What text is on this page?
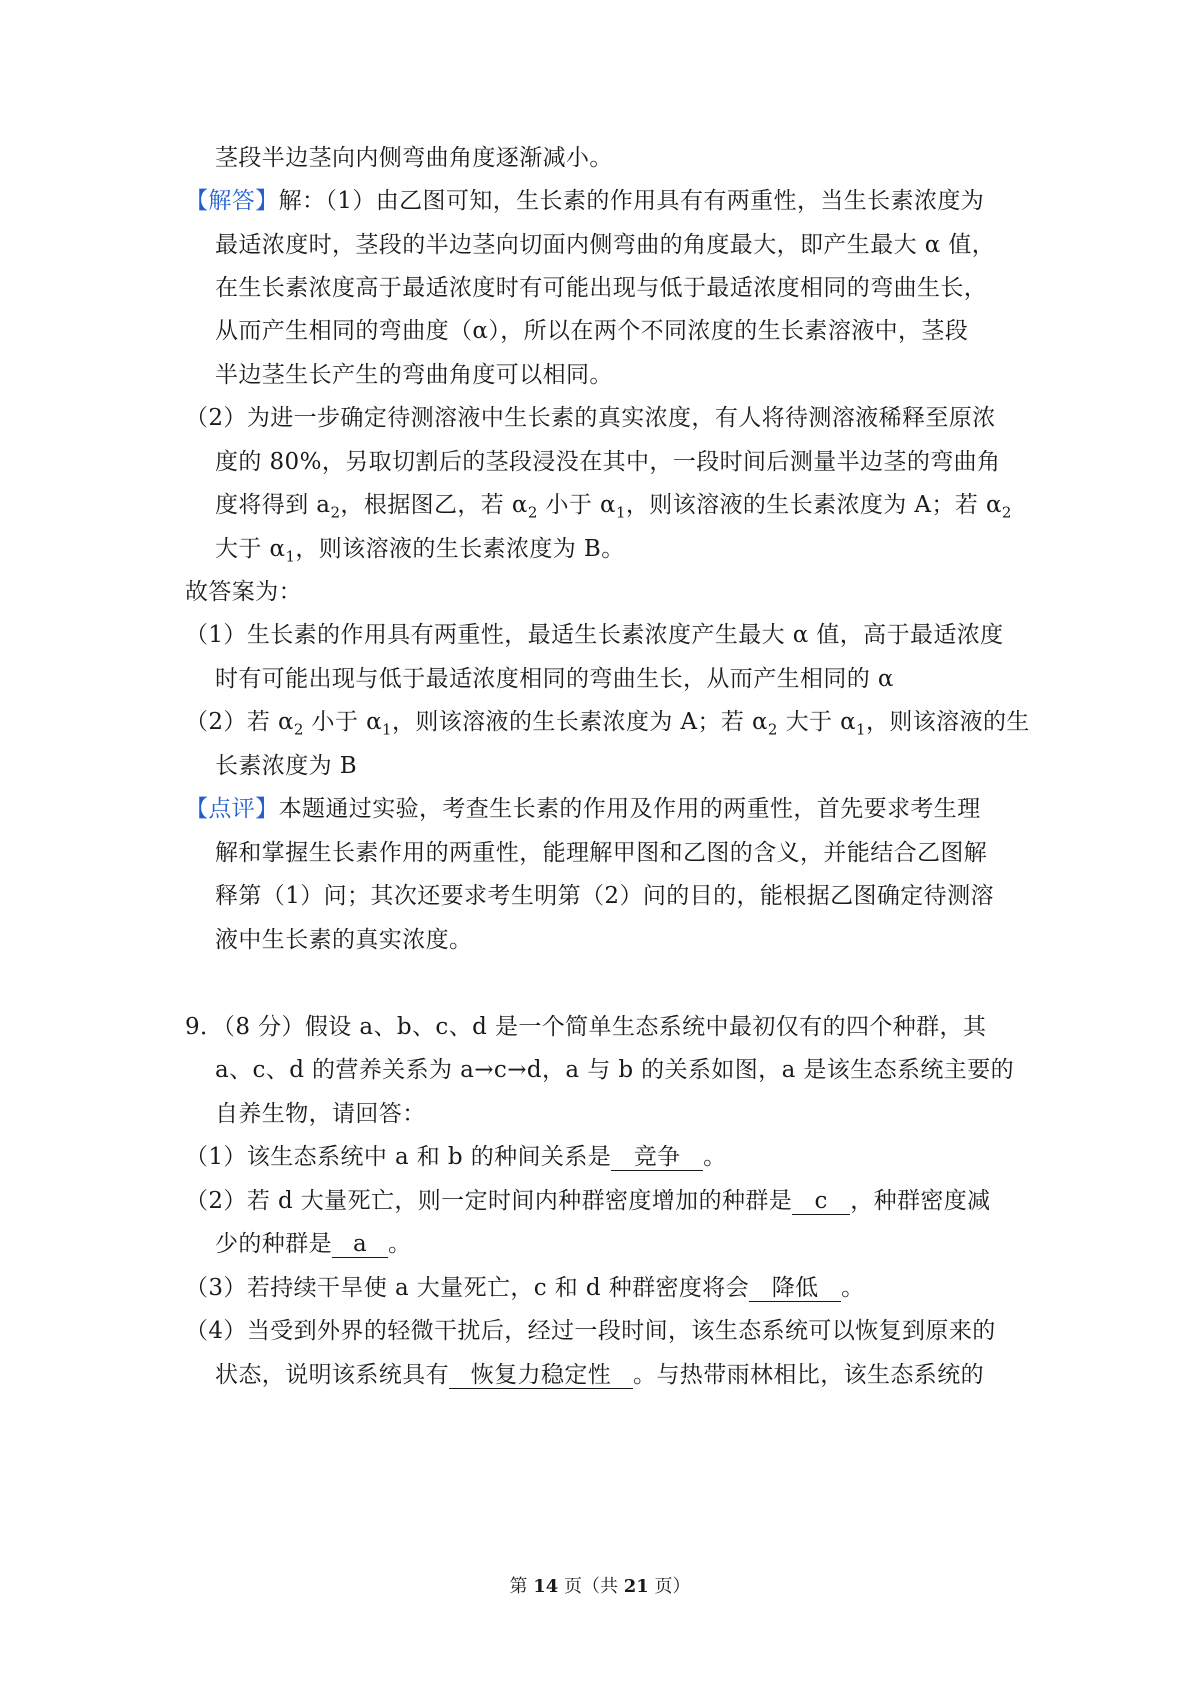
茎段半边茎向内侧弯曲角度逐渐减小。
【解答】解：（1）由乙图可知，生长素的作用具有有两重性，当生长素浓度为
最适浓度时，茎段的半边茎向切面内侧弯曲的角度最大，即产生最大 α 值，
在生长素浓度高于最适浓度时有可能出现与低于最适浓度相同的弯曲生长，
从而产生相同的弯曲度（α），所以在两个不同浓度的生长素溶液中，茎段
半边茎生长产生的弯曲角度可以相同。
（2）为进一步确定待测溶液中生长素的真实浓度，有人将待测溶液稀释至原浓
度的 80%，另取切割后的茎段浸没在其中，一段时间后测量半边茎的弯曲角
度将得到 $a_2$，根据图乙，若 $\alpha_2$ 小于 $\alpha_1$，则该溶液的生长素浓度为 A；若 $\alpha_2$
大于 $\alpha_1$，则该溶液的生长素浓度为 B。
故答案为：
（1）生长素的作用具有两重性，最适生长素浓度产生最大 α 值，高于最适浓度
时有可能出现与低于最适浓度相同的弯曲生长，从而产生相同的 α
（2）若 $\alpha_2$ 小于 $\alpha_1$，则该溶液的生长素浓度为 A；若 $\alpha_2$ 大于 $\alpha_1$，则该溶液的生
长素浓度为 B
【点评】本题通过实验，考查生长素的作用及作用的两重性，首先要求考生理
解和掌握生长素作用的两重性，能理解甲图和乙图的含义，并能结合乙图解
释第（1）问；其次还要求考生明第（2）问的目的，能根据乙图确定待测溶
液中生长素的真实浓度。
9．（8 分）假设 a、b、c、d 是一个简单生态系统中最初仅有的四个种群，其
a、c、d 的营养关系为 a→c→d，a 与 b 的关系如图，a 是该生态系统主要的
自养生物，请回答：
（1）该生态系统中 a 和 b 的种间关系是 竞争 。
（2）若 d 大量死亡，则一定时间内种群密度增加的种群是 c ，种群密度减
少的种群是 a 。
（3）若持续干旱使 a 大量死亡，c 和 d 种群密度将会 降低 。
（4）当受到外界的轻微干扰后，经过一段时间，该生态系统可以恢复到原来的
状态，说明该系统具有 恢复力稳定性 。与热带雨林相比，该生态系统的
第 14 页（共 21 页）
